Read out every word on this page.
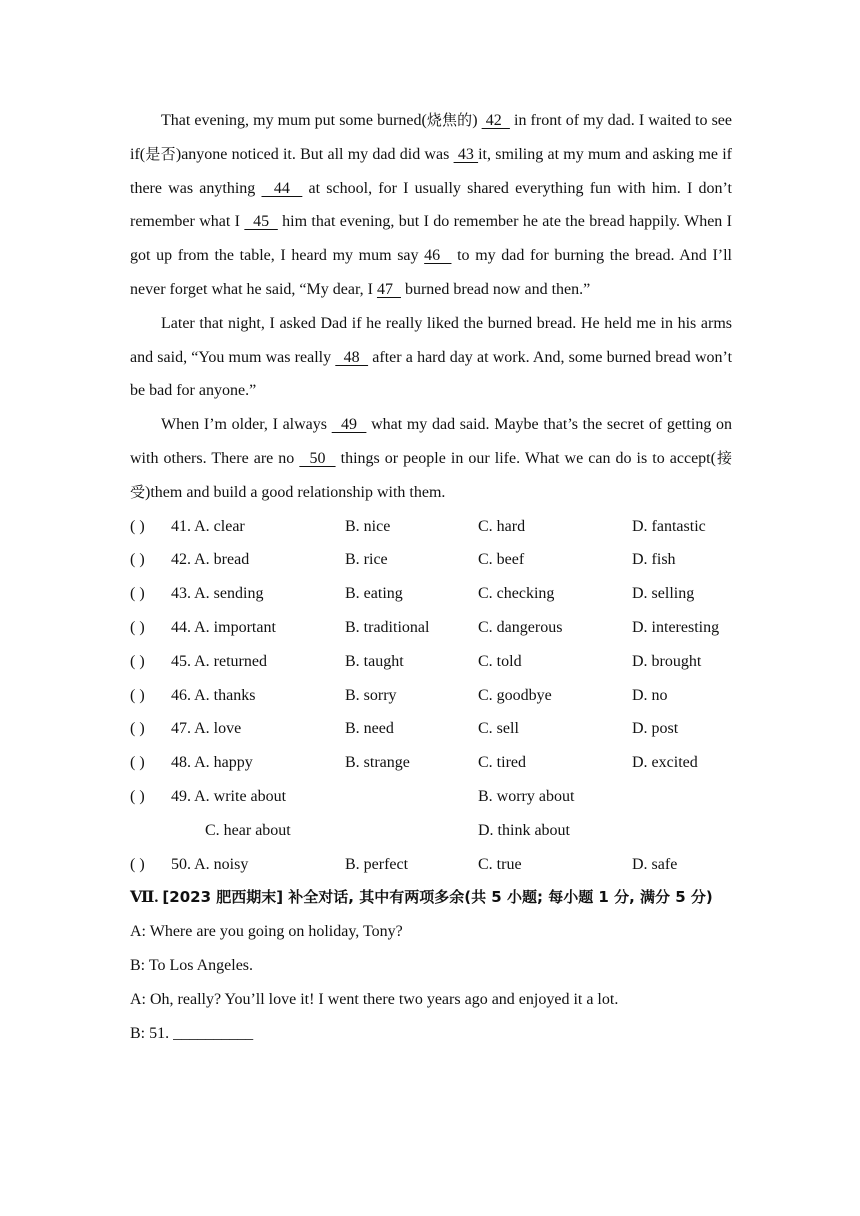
That evening, my mum put some burned(烧焦的)  42   in front of my dad. I waited to see if(是否)anyone noticed it. But all my dad did was  43 it, smiling at my mum and asking me if there was anything   44   at school, for I usually shared everything fun with him. I don’t remember what I   45   him that evening, but I do remember he ate the bread happily. When I got up from the table, I heard my mum say 46   to my dad for burning the bread. And I’ll never forget what he said, “My dear, I 47   burned bread now and then.”

Later that night, I asked Dad if he really liked the burned bread. He held me in his arms and said, “You mum was really   48   after a hard day at work. And, some burned bread won’t be bad for anyone.”

When I’m older, I always   49   what my dad said. Maybe that’s the secret of getting on with others. There are no   50   things or people in our life. What we can do is to accept(接受)them and build a good relationship with them.

( ) 41. A. clear	B. nice	C. hard	D. fantastic
( ) 42. A. bread	B. rice	C. beef	D. fish
( ) 43. A. sending	B. eating	C. checking	D. selling
( ) 44. A. important	B. traditional	C. dangerous	D. interesting
( ) 45. A. returned	B. taught	C. told	D. brought
( ) 46. A. thanks	B. sorry	C. goodbye	D. no
( ) 47. A. love	B. need	C. sell	D. post
( ) 48. A. happy	B. strange	C. tired	D. excited
( ) 49. A. write about	B. worry about
C. hear about	D. think about
( ) 50. A. noisy	B. perfect	C. true	D. safe

Ⅶ. [2023 肥西期末] 补全对话, 其中有两项多余(共 5 小题; 每小题 1 分, 满分 5 分)

A: Where are you going on holiday, Tony?

B: To Los Angeles.

A: Oh, really? You’ll love it! I went there two years ago and enjoyed it a lot.

B: 51. __________
